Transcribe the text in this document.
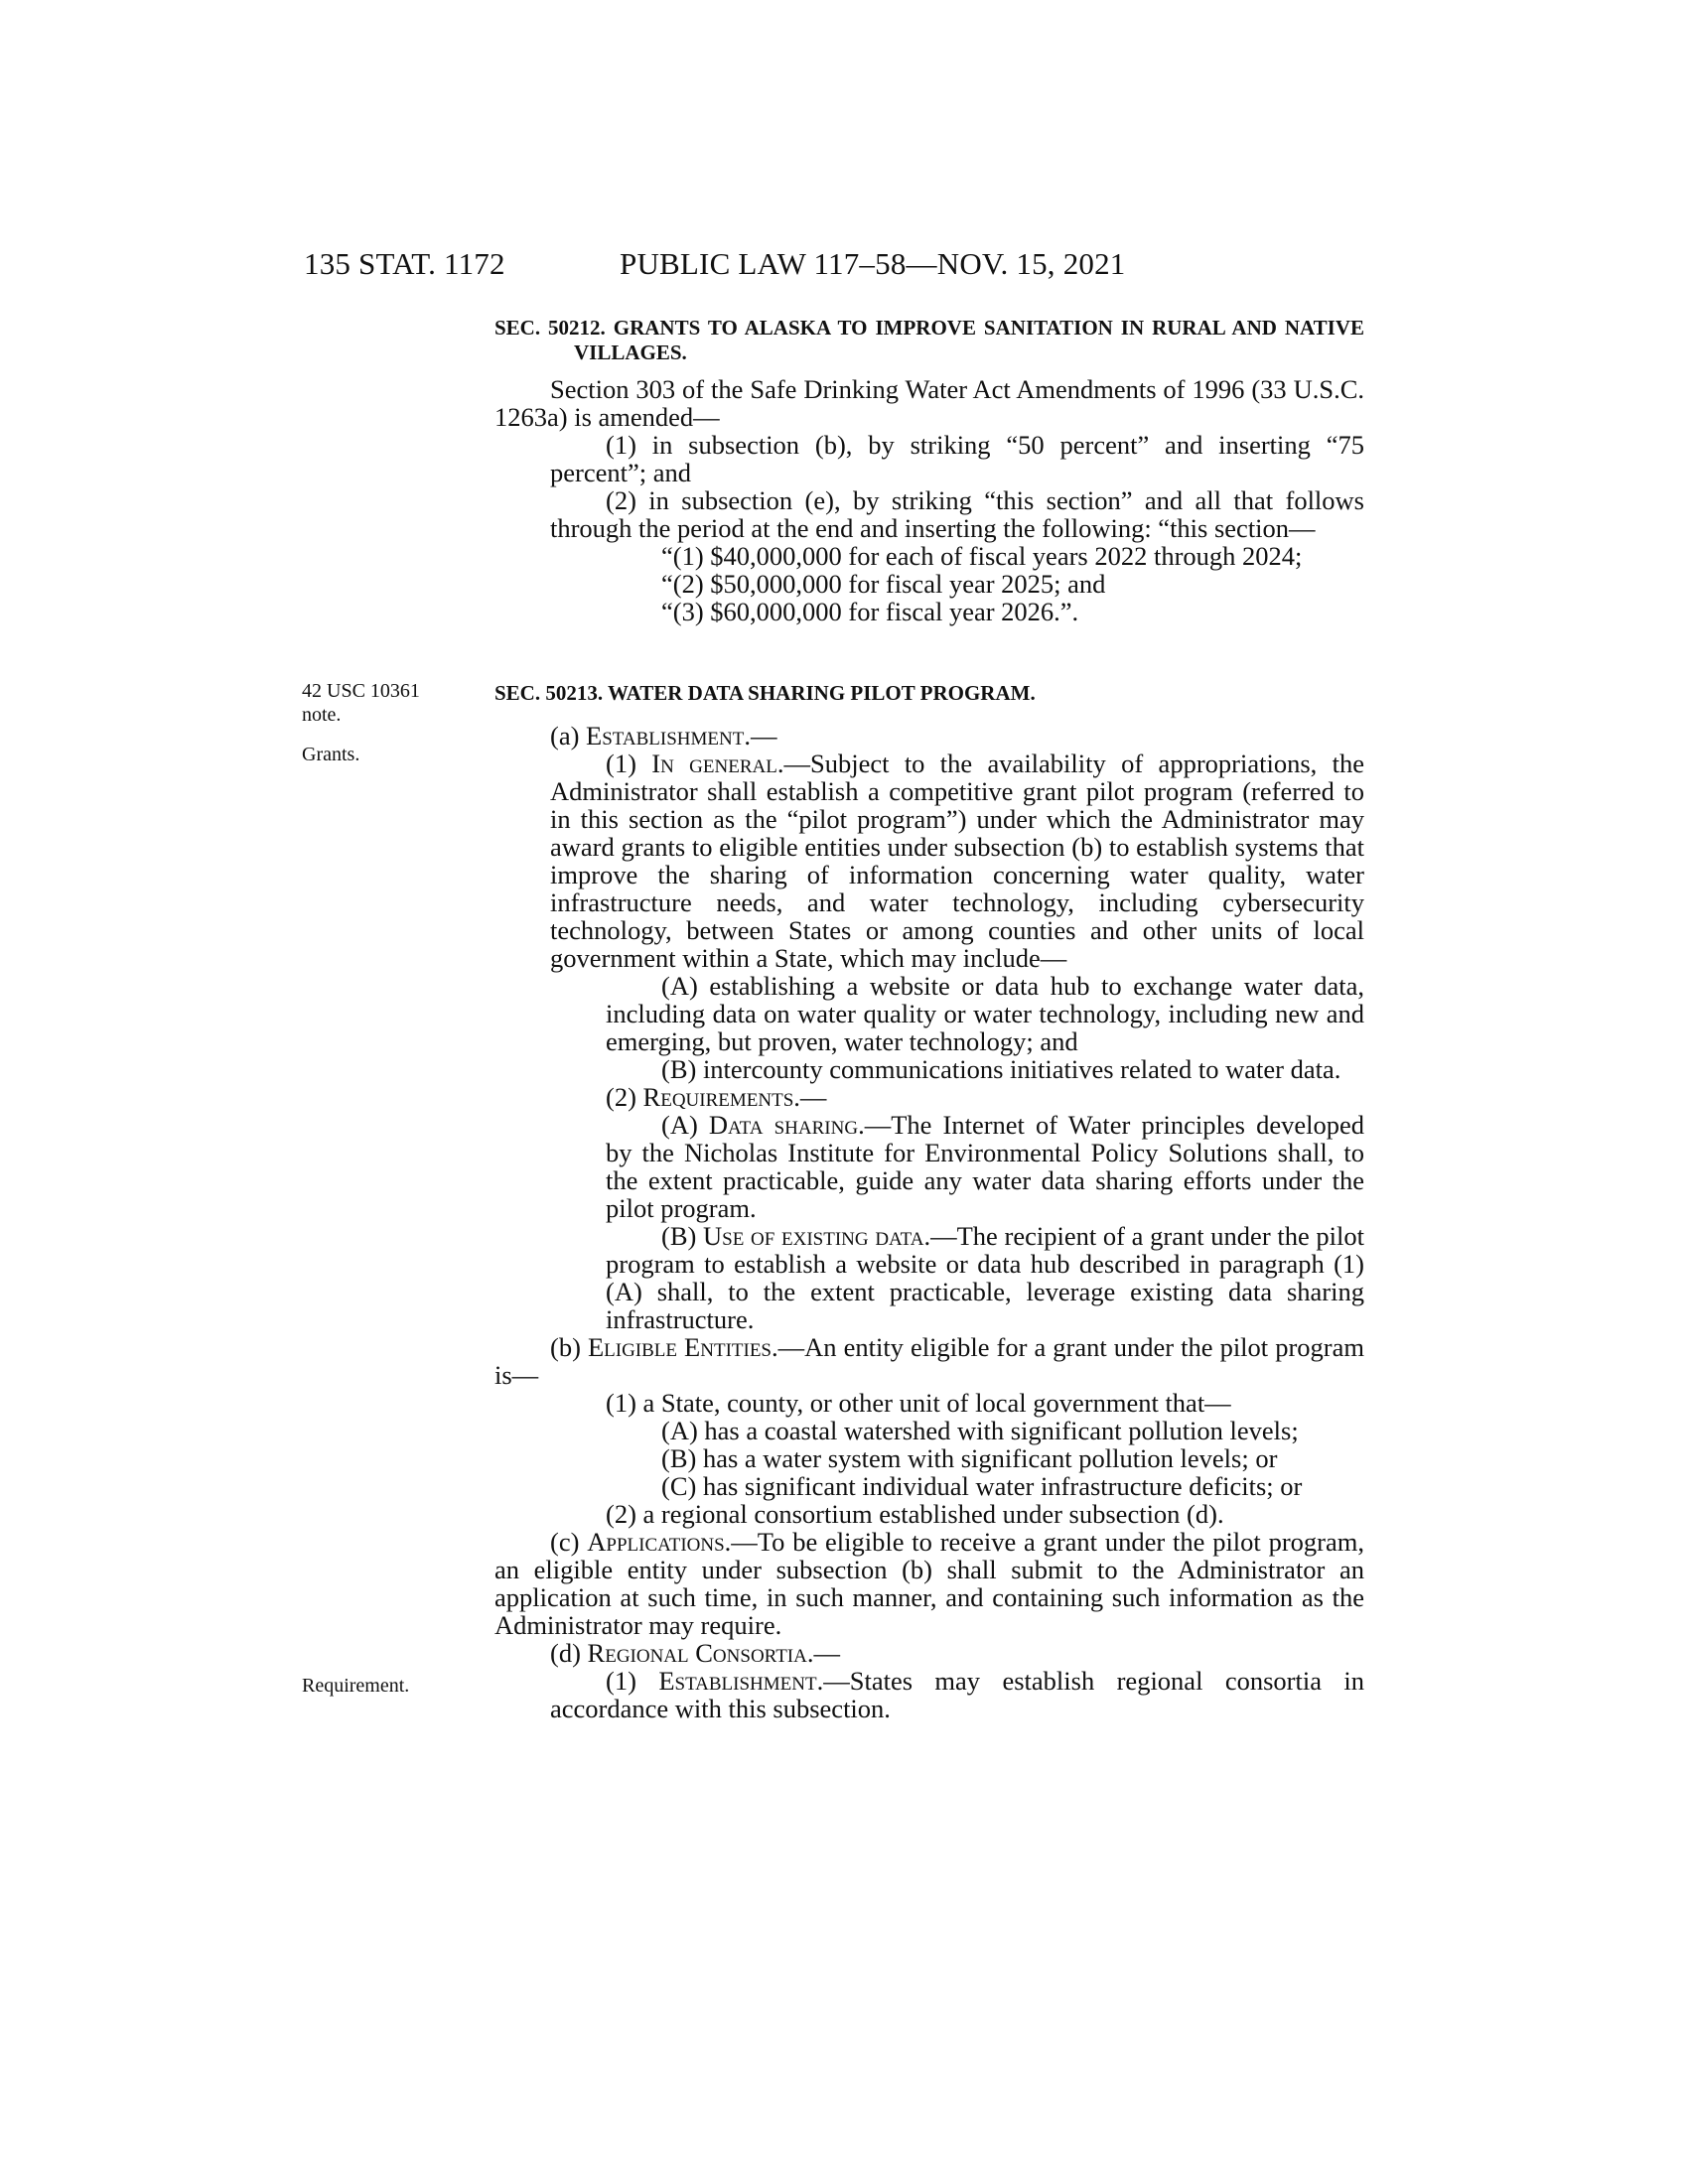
135 STAT. 1172	PUBLIC LAW 117–58—NOV. 15, 2021
42 USC 10361
note.
Grants.
Requirement.
SEC. 50212. GRANTS TO ALASKA TO IMPROVE SANITATION IN RURAL AND NATIVE VILLAGES.

Section 303 of the Safe Drinking Water Act Amendments of 1996 (33 U.S.C. 1263a) is amended—

(1) in subsection (b), by striking “50 percent” and inserting “75 percent”; and

(2) in subsection (e), by striking “this section” and all that follows through the period at the end and inserting the following: “this section—

“(1) $40,000,000 for each of fiscal years 2022 through 2024;

“(2) $50,000,000 for fiscal year 2025; and

“(3) $60,000,000 for fiscal year 2026.”.

SEC. 50213. WATER DATA SHARING PILOT PROGRAM.

(a) Establishment.—

(1) In general.—Subject to the availability of appropriations, the Administrator shall establish a competitive grant pilot program (referred to in this section as the “pilot program”) under which the Administrator may award grants to eligible entities under subsection (b) to establish systems that improve the sharing of information concerning water quality, water infrastructure needs, and water technology, including cybersecurity technology, between States or among counties and other units of local government within a State, which may include—

(A) establishing a website or data hub to exchange water data, including data on water quality or water technology, including new and emerging, but proven, water technology; and

(B) intercounty communications initiatives related to water data.

(2) Requirements.—

(A) Data sharing.—The Internet of Water principles developed by the Nicholas Institute for Environmental Policy Solutions shall, to the extent practicable, guide any water data sharing efforts under the pilot program.

(B) Use of existing data.—The recipient of a grant under the pilot program to establish a website or data hub described in paragraph (1)(A) shall, to the extent practicable, leverage existing data sharing infrastructure.

(b) Eligible Entities.—An entity eligible for a grant under the pilot program is—

(1) a State, county, or other unit of local government that—

(A) has a coastal watershed with significant pollution levels;

(B) has a water system with significant pollution levels; or

(C) has significant individual water infrastructure deficits; or

(2) a regional consortium established under subsection (d).

(c) Applications.—To be eligible to receive a grant under the pilot program, an eligible entity under subsection (b) shall submit to the Administrator an application at such time, in such manner, and containing such information as the Administrator may require.

(d) Regional Consortia.—

(1) Establishment.—States may establish regional consortia in accordance with this subsection.
